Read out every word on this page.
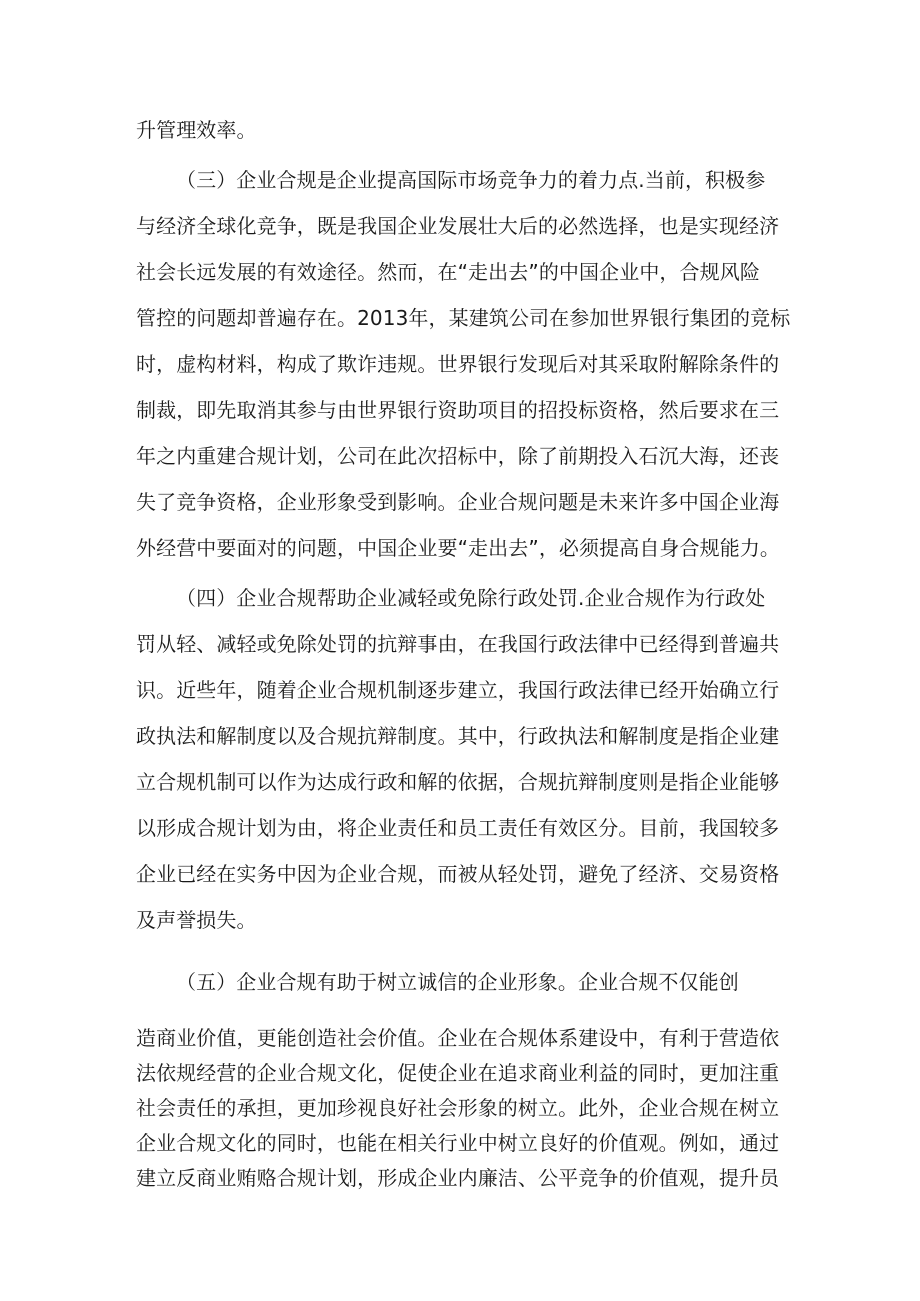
升管理效率。
（三）企业合规是企业提高国际市场竞争力的着力点.当前，积极参
与经济全球化竞争，既是我国企业发展壮大后的必然选择，也是实现经济
社会长远发展的有效途径。然而，在“走出去”的中国企业中，合规风险
管控的问题却普遍存在。2013年，某建筑公司在参加世界银行集团的竞标
时，虚构材料，构成了欺诈违规。世界银行发现后对其采取附解除条件的
制裁，即先取消其参与由世界银行资助项目的招投标资格，然后要求在三
年之内重建合规计划，公司在此次招标中，除了前期投入石沉大海，还丧
失了竞争资格，企业形象受到影响。企业合规问题是未来许多中国企业海
外经营中要面对的问题，中国企业要“走出去”，必须提高自身合规能力。
（四）企业合规帮助企业减轻或免除行政处罚.企业合规作为行政处
罚从轻、减轻或免除处罚的抗辩事由，在我国行政法律中已经得到普遍共
识。近些年，随着企业合规机制逐步建立，我国行政法律已经开始确立行
政执法和解制度以及合规抗辩制度。其中，行政执法和解制度是指企业建
立合规机制可以作为达成行政和解的依据，合规抗辩制度则是指企业能够
以形成合规计划为由，将企业责任和员工责任有效区分。目前，我国较多
企业已经在实务中因为企业合规，而被从轻处罚，避免了经济、交易资格
及声誉损失。
（五）企业合规有助于树立诚信的企业形象。企业合规不仅能创
造商业价值，更能创造社会价值。企业在合规体系建设中，有利于营造依
法依规经营的企业合规文化，促使企业在追求商业利益的同时，更加注重
社会责任的承担，更加珍视良好社会形象的树立。此外，企业合规在树立
企业合规文化的同时，也能在相关行业中树立良好的价值观。例如，通过
建立反商业贿赂合规计划，形成企业内廉洁、公平竞争的价值观，提升员
